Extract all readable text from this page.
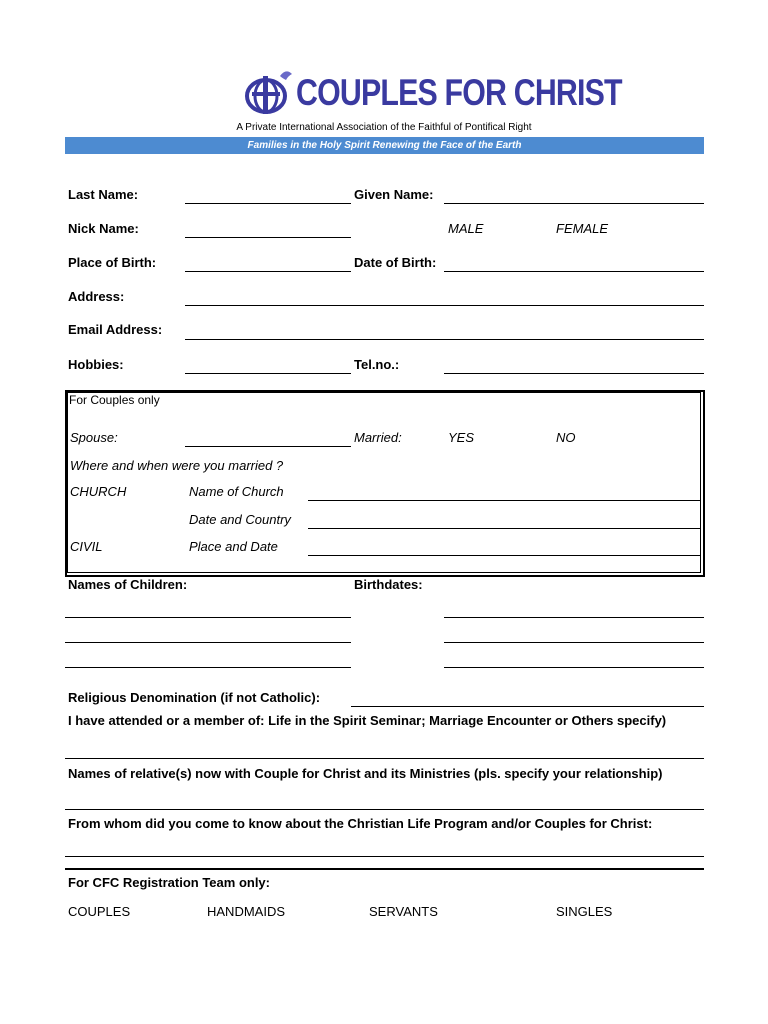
COUPLES FOR CHRIST
A Private International Association of the Faithful of Pontifical Right
Families in the Holy Spirit Renewing the Face of the Earth
Last Name:	Given Name:
Nick Name:	MALE	FEMALE
Place of Birth:	Date of Birth:
Address:
Email Address:
Hobbies:	Tel.no.:
For Couples only
Spouse:	Married:	YES	NO
Where and when were you married ?
CHURCH	Name of Church
Date and Country
CIVIL	Place and Date
Names of Children:	Birthdates:
Religious Denomination (if not Catholic):
I have attended or a member of: Life in the Spirit Seminar; Marriage Encounter or Others specify)
Names of relative(s) now with Couple for Christ and its Ministries (pls. specify your relationship)
From whom did you come to know about the Christian Life Program and/or Couples for Christ:
For CFC Registration Team only:
COUPLES	HANDMAIDS	SERVANTS	SINGLES
